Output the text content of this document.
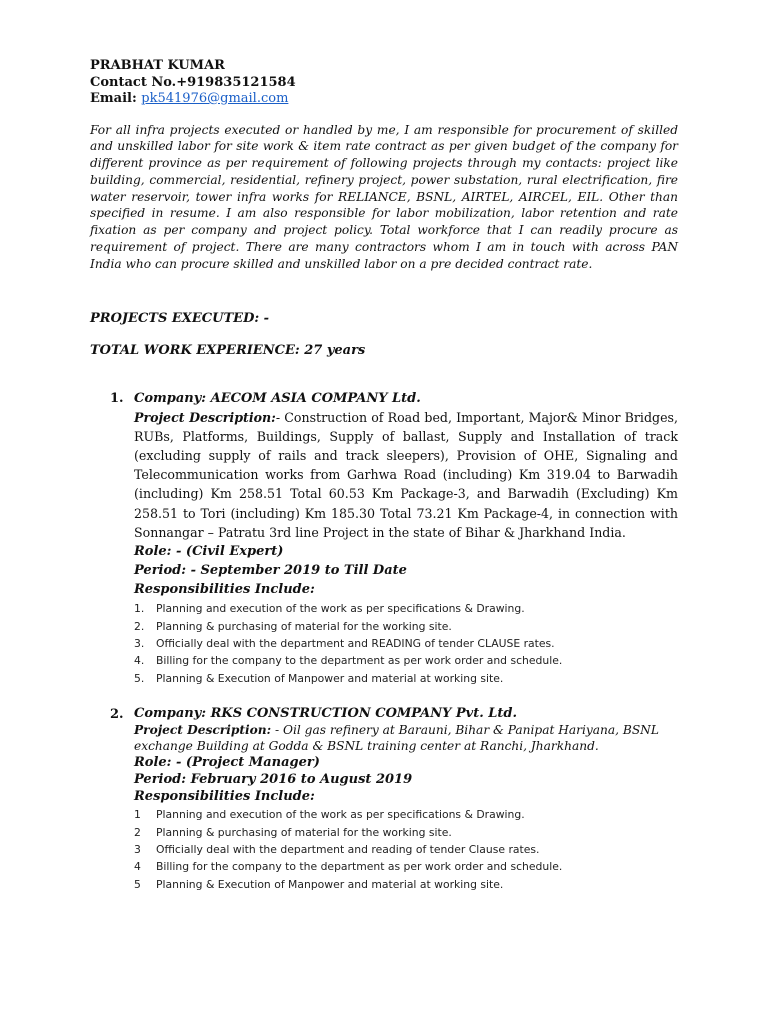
PRABHAT KUMAR
Contact No.+919835121584
Email: pk541976@gmail.com
For all infra projects executed or handled by me, I am responsible for procurement of skilled and unskilled labor for site work & item rate contract as per given budget of the company for different province as per requirement of following projects through my contacts: project like building, commercial, residential, refinery project, power substation, rural electrification, fire water reservoir, tower infra works for RELIANCE, BSNL, AIRTEL, AIRCEL, EIL. Other than specified in resume. I am also responsible for labor mobilization, labor retention and rate fixation as per company and project policy. Total workforce that I can readily procure as requirement of project. There are many contractors whom I am in touch with across PAN India who can procure skilled and unskilled labor on a pre decided contract rate.
PROJECTS EXECUTED: -
TOTAL WORK EXPERIENCE: 27 years
1. Company: AECOM ASIA COMPANY Ltd.
Project Description:- Construction of Road bed, Important, Major& Minor Bridges, RUBs, Platforms, Buildings, Supply of ballast, Supply and Installation of track (excluding supply of rails and track sleepers), Provision of OHE, Signaling and Telecommunication works from Garhwa Road (including) Km 319.04 to Barwadih (including) Km 258.51 Total 60.53 Km Package-3, and Barwadih (Excluding) Km 258.51 to Tori (including) Km 185.30 Total 73.21 Km Package-4, in connection with Sonnangar – Patratu 3rd line Project in the state of Bihar & Jharkhand India.
Role: - (Civil Expert)
Period: - September 2019 to Till Date
Responsibilities Include:
1. Planning and execution of the work as per specifications & Drawing.
2. Planning & purchasing of material for the working site.
3. Officially deal with the department and READING of tender CLAUSE rates.
4. Billing for the company to the department as per work order and schedule.
5. Planning & Execution of Manpower and material at working site.
2. Company: RKS CONSTRUCTION COMPANY Pvt. Ltd.
Project Description: - Oil gas refinery at Barauni, Bihar & Panipat Hariyana, BSNL exchange Building at Godda & BSNL training center at Ranchi, Jharkhand.
Role: - (Project Manager)
Period: February 2016 to August 2019
Responsibilities Include:
1 Planning and execution of the work as per specifications & Drawing.
2 Planning & purchasing of material for the working site.
3 Officially deal with the department and reading of tender Clause rates.
4 Billing for the company to the department as per work order and schedule.
5 Planning & Execution of Manpower and material at working site.
